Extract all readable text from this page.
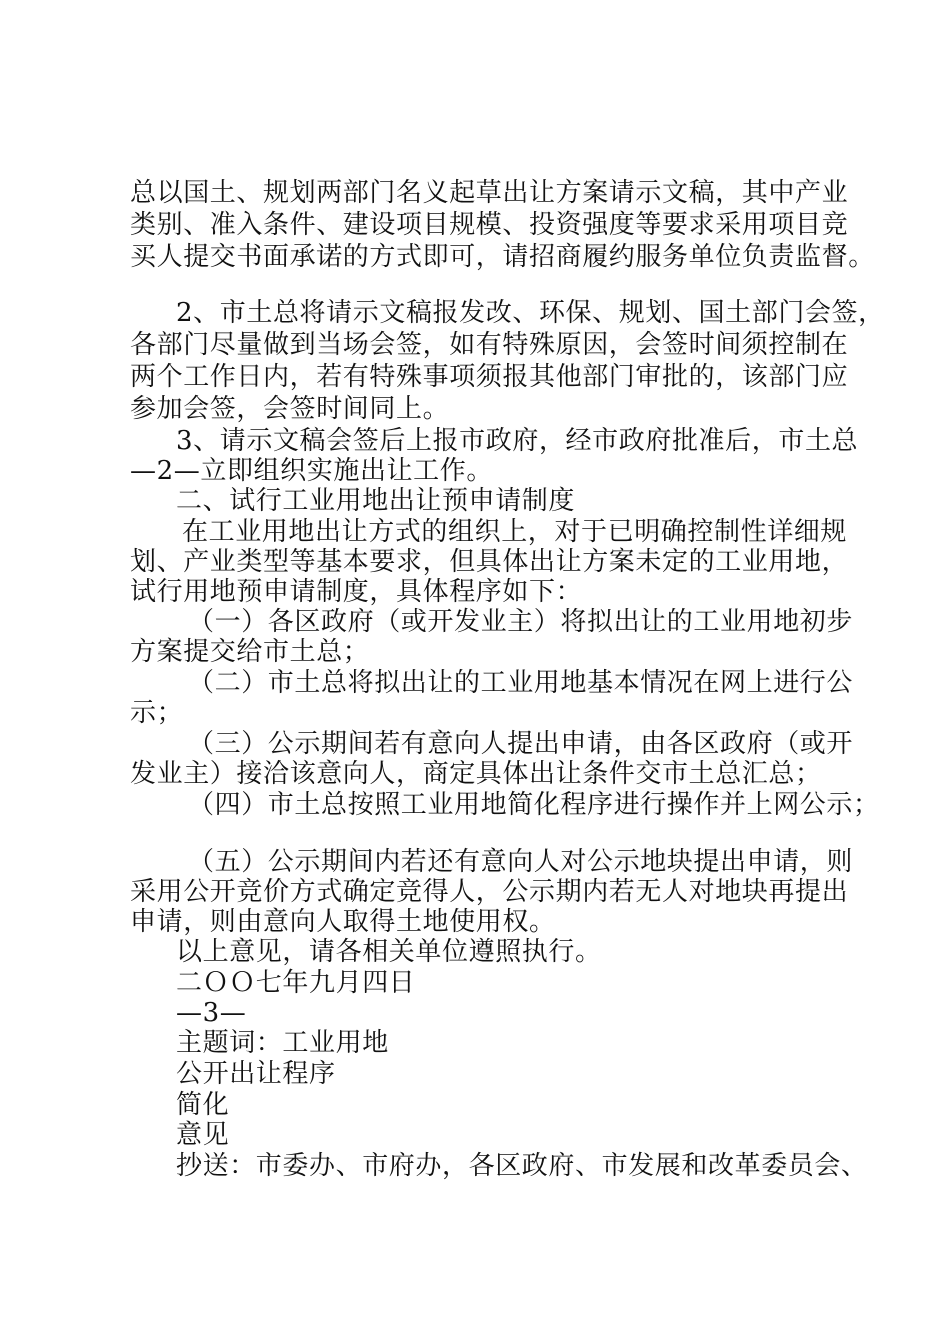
总以国土、规划两部门名义起草出让方案请示文稿，其中产业
类别、准入条件、建设项目规模、投资强度等要求采用项目竞
买人提交书面承诺的方式即可，请招商履约服务单位负责监督。
2、市土总将请示文稿报发改、环保、规划、国土部门会签，
各部门尽量做到当场会签，如有特殊原因，会签时间须控制在
两个工作日内，若有特殊事项须报其他部门审批的，该部门应
参加会签，会签时间同上。
3、请示文稿会签后上报市政府，经市政府批准后，市土总
—2—立即组织实施出让工作。
二、试行工业用地出让预申请制度
在工业用地出让方式的组织上，对于已明确控制性详细规
划、产业类型等基本要求，但具体出让方案未定的工业用地，
试行用地预申请制度，具体程序如下：
（一）各区政府（或开发业主）将拟出让的工业用地初步
方案提交给市土总；
（二）市土总将拟出让的工业用地基本情况在网上进行公
示；
（三）公示期间若有意向人提出申请，由各区政府（或开
发业主）接洽该意向人，商定具体出让条件交市土总汇总；
（四）市土总按照工业用地简化程序进行操作并上网公示；
（五）公示期间内若还有意向人对公示地块提出申请，则
采用公开竞价方式确定竞得人，公示期内若无人对地块再提出
申请，则由意向人取得土地使用权。
以上意见，请各相关单位遵照执行。
二ＯＯ七年九月四日
—3—
主题词：工业用地
公开出让程序
简化
意见
抄送：市委办、市府办，各区政府、市发展和改革委员会、
